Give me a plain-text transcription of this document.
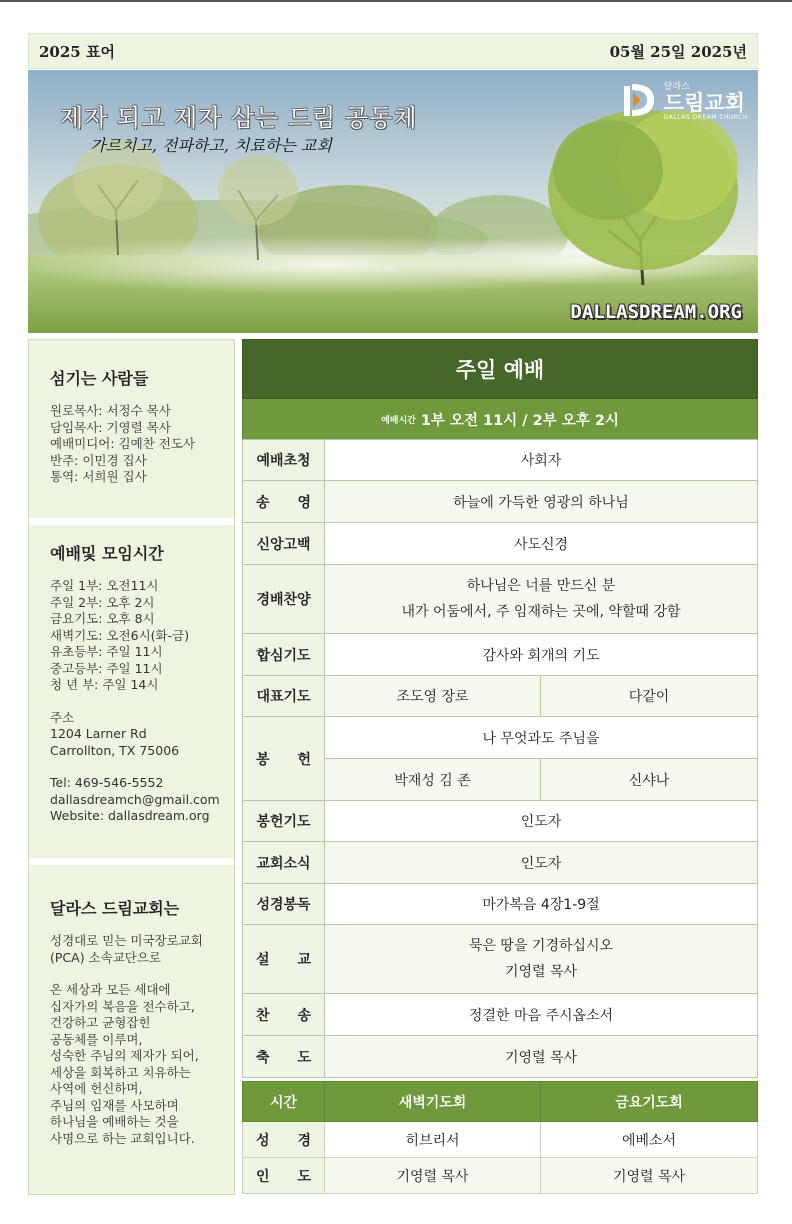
2025 표어	05월 25일 2025년
제자 되고 제자 삼는 드림 공동체
가르치고, 전파하고, 치료하는 교회
달라스
드림교회
DALLAS DREAM CHURCH
DALLASDREAM.ORG
섬기는 사람들
원로목사: 서정수 목사
담임목사: 기영렬 목사
예배미디어: 김예찬 전도사
반주: 이민경 집사
통역: 서희원 집사
예배및 모임시간
주일 1부: 오전11시
주일 2부: 오후 2시
금요기도: 오후 8시
새벽기도: 오전6시(화-금)
유초등부: 주일 11시
중고등부: 주일 11시
청 년 부: 주일 14시
주소
1204 Larner Rd
Carrollton, TX 75006
Tel: 469-546-5552
dallasdreamch@gmail.com
Website: dallasdream.org
달라스 드림교회는
성경대로 믿는 미국장로교회
(PCA) 소속교단으로
온 세상과 모든 세대에
십자가의 복음을 전수하고,
건강하고 균형잡힌
공동체를 이루며,
성숙한 주님의 제자가 되어,
세상을 회복하고 치유하는
사역에 헌신하며,
주님의 임재를 사모하며
하나님을 예배하는 것을
사명으로 하는 교회입니다.
주일 예배
예배시간 1부 오전 11시 / 2부 오후 2시
예배초청	사회자	
송　　영	하늘에 가득한 영광의 하나님	
신앙고백	사도신경	
경배찬양	하나님은 너를 만드신 분
내가 어둠에서, 주 임재하는 곳에, 약할때 강함	

합심기도	감사와 회개의 기도	
대표기도	조도영 장로	다같이
봉　　헌	나 무엇과도 주님을	
	박재성 김 존	신샤나
봉헌기도	인도자	
교회소식	인도자	
성경봉독	마가복음 4장1-9절	
설　　교	묵은 땅을 기경하십시오
기영렬 목사	

찬　　송	정결한 마음 주시옵소서	
축　　도	기영렬 목사	
시간	새벽기도회	금요기도회
성　　경	히브리서	에베소서
인　　도	기영렬 목사	기영렬 목사
